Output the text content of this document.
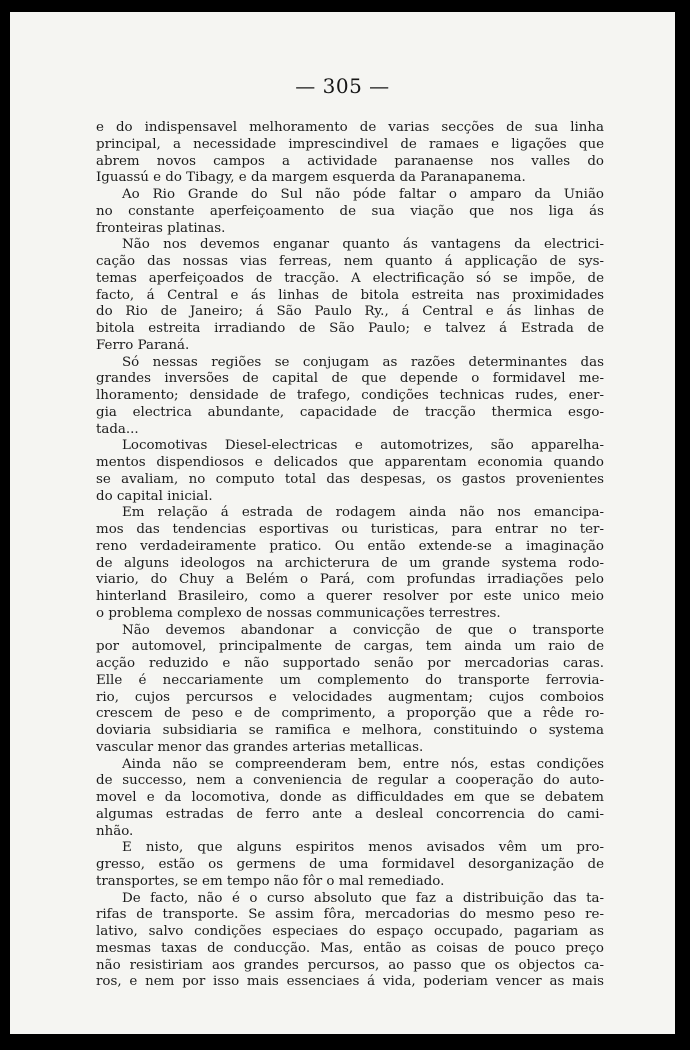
— 305 —
e do indispensavel melhoramento de varias secções de sua linha
principal, a necessidade imprescindivel de ramaes e ligações que
abrem novos campos a actividade paranaense nos valles do
Iguassú e do Tibagy, e da margem esquerda da Paranapanema.
Ao Rio Grande do Sul não póde faltar o amparo da União
no constante aperfeiçoamento de sua viação que nos liga ás
fronteiras platinas.
Não nos devemos enganar quanto ás vantagens da electrici-
cação das nossas vias ferreas, nem quanto á applicação de sys-
temas aperfeiçoados de tracção. A electrificação só se impõe, de
facto, á Central e ás linhas de bitola estreita nas proximidades
do Rio de Janeiro; á São Paulo Ry., á Central e ás linhas de
bitola estreita irradiando de São Paulo; e talvez á Estrada de
Ferro Paraná.
Só nessas regiões se conjugam as razões determinantes das
grandes inversões de capital de que depende o formidavel me-
lhoramento; densidade de trafego, condições technicas rudes, ener-
gia electrica abundante, capacidade de tracção thermica esgo-
tada...
Locomotivas Diesel-electricas e automotrizes, são apparelha-
mentos dispendiosos e delicados que apparentam economia quando
se avaliam, no computo total das despesas, os gastos provenientes
do capital inicial.
Em relação á estrada de rodagem ainda não nos emancipa-
mos das tendencias esportivas ou turisticas, para entrar no ter-
reno verdadeiramente pratico. Ou então extende-se a imaginação
de alguns ideologos na archicterura de um grande systema rodo-
viario, do Chuy a Belém o Pará, com profundas irradiações pelo
hinterland Brasileiro, como a querer resolver por este unico meio
o problema complexo de nossas communicações terrestres.
Não devemos abandonar a convicção de que o transporte
por automovel, principalmente de cargas, tem ainda um raio de
acção reduzido e não supportado senão por mercadorias caras.
Elle é neccariamente um complemento do transporte ferrovia-
rio, cujos percursos e velocidades augmentam; cujos comboios
crescem de peso e de comprimento, a proporção que a rêde ro-
doviaria subsidiaria se ramifica e melhora, constituindo o systema
vascular menor das grandes arterias metallicas.
Ainda não se compreenderam bem, entre nós, estas condições
de successo, nem a conveniencia de regular a cooperação do auto-
movel e da locomotiva, donde as difficuldades em que se debatem
algumas estradas de ferro ante a desleal concorrencia do cami-
nhão.
E nisto, que alguns espiritos menos avisados vêm um pro-
gresso, estão os germens de uma formidavel desorganização de
transportes, se em tempo não fôr o mal remediado.
De facto, não é o curso absoluto que faz a distribuição das ta-
rifas de transporte. Se assim fôra, mercadorias do mesmo peso re-
lativo, salvo condições especiaes do espaço occupado, pagariam as
mesmas taxas de conducção. Mas, então as coisas de pouco preço
não resistiriam aos grandes percursos, ao passo que os objectos ca-
ros, e nem por isso mais essenciaes á vida, poderiam vencer as mais
